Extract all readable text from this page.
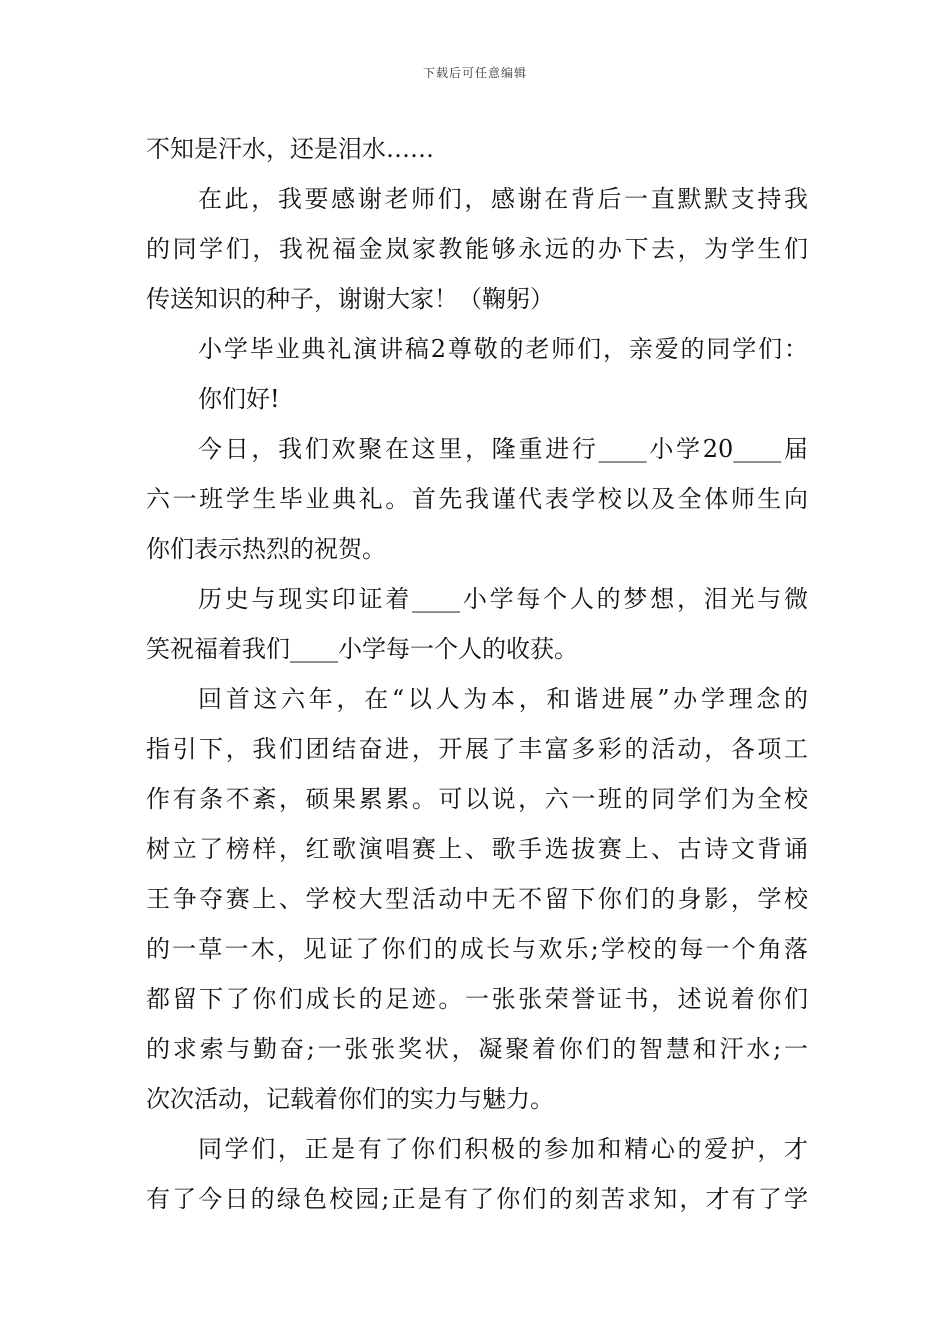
下载后可任意编辑
不知是汗水，还是泪水……
在此，我要感谢老师们，感谢在背后一直默默支持我
的同学们，我祝福金岚家教能够永远的办下去，为学生们
传送知识的种子，谢谢大家！（鞠躬）
小学毕业典礼演讲稿2尊敬的老师们，亲爱的同学们：
你们好!
今日，我们欢聚在这里，隆重进行____小学20____届
六一班学生毕业典礼。首先我谨代表学校以及全体师生向
你们表示热烈的祝贺。
历史与现实印证着____小学每个人的梦想，泪光与微
笑祝福着我们____小学每一个人的收获。
回首这六年，在“以人为本，和谐进展”办学理念的
指引下，我们团结奋进，开展了丰富多彩的活动，各项工
作有条不紊，硕果累累。可以说，六一班的同学们为全校
树立了榜样，红歌演唱赛上、歌手选拔赛上、古诗文背诵
王争夺赛上、学校大型活动中无不留下你们的身影，学校
的一草一木，见证了你们的成长与欢乐;学校的每一个角落
都留下了你们成长的足迹。一张张荣誉证书，述说着你们
的求索与勤奋;一张张奖状，凝聚着你们的智慧和汗水;一
次次活动，记载着你们的实力与魅力。
同学们，正是有了你们积极的参加和精心的爱护，才
有了今日的绿色校园;正是有了你们的刻苦求知，才有了学
